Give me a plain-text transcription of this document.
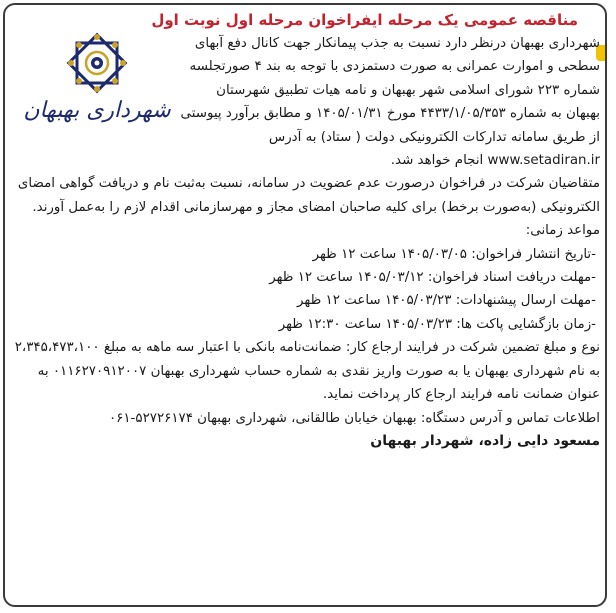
شهرداری بهبهان
مناقصه عمومی یک مرحله ایفراخوان مرحله اول نوبت اول

شهرداری بهبهان درنظر دارد نسبت به جذب پیمانکار جهت کانال دفع آبهای سطحی و اموارت عمرانی به صورت دستمزدی با توجه به بند ۴ صورتجلسه شماره ۲۲۳ شورای اسلامی شهر بهبهان و نامه هیات تطبیق شهرستان بهبهان به شماره ۴۴۳۳/۱/۰۵/۳۵۳ مورخ ۱۴۰۵/۰۱/۳۱ و مطابق برآورد پیوستی از طریق سامانه تدارکات الکترونیکی دولت ( ستاد) به آدرس www.setadiran.ir انجام خواهد شد.

متقاضیان شرکت در فراخوان درصورت عدم عضویت در سامانه، نسبت به‌ثبت نام و دریافت گواهی امضای الکترونیکی (به‌صورت برخط) برای کلیه صاحبان امضای مجاز و مهرسازمانی اقدام لازم را به‌عمل آورند.

مواعد زمانی:

-تاریخ انتشار فراخوان: ۱۴۰۵/۰۳/۰۵ ساعت ۱۲ ظهر

-مهلت دریافت اسناد فراخوان: ۱۴۰۵/۰۳/۱۲ ساعت ۱۲ ظهر

-مهلت ارسال پیشنهادات: ۱۴۰۵/۰۳/۲۳ ساعت ۱۲ ظهر

-زمان بازگشایی پاکت ها: ۱۴۰۵/۰۳/۲۳ ساعت ۱۲:۳۰ ظهر

نوع و مبلغ تضمین شرکت در فرایند ارجاع کار: ضمانت‌نامه بانکی با اعتبار سه ماهه به مبلغ ۲،۳۴۵،۴۷۳،۱۰۰ به نام شهرداری بهبهان یا به صورت واریز نقدی به شماره حساب شهرداری بهبهان ۰۱۱۶۲۷۰۹۱۲۰۰۷ به عنوان ضمانت نامه فرایند ارجاع کار پرداخت نماید.

اطلاعات تماس و آدرس دستگاه: بهبهان خیابان طالقانی، شهرداری بهبهان ۵۲۷۲۶۱۷۴-۰۶۱

مسعود دایی زاده، شهردار بهبهان
